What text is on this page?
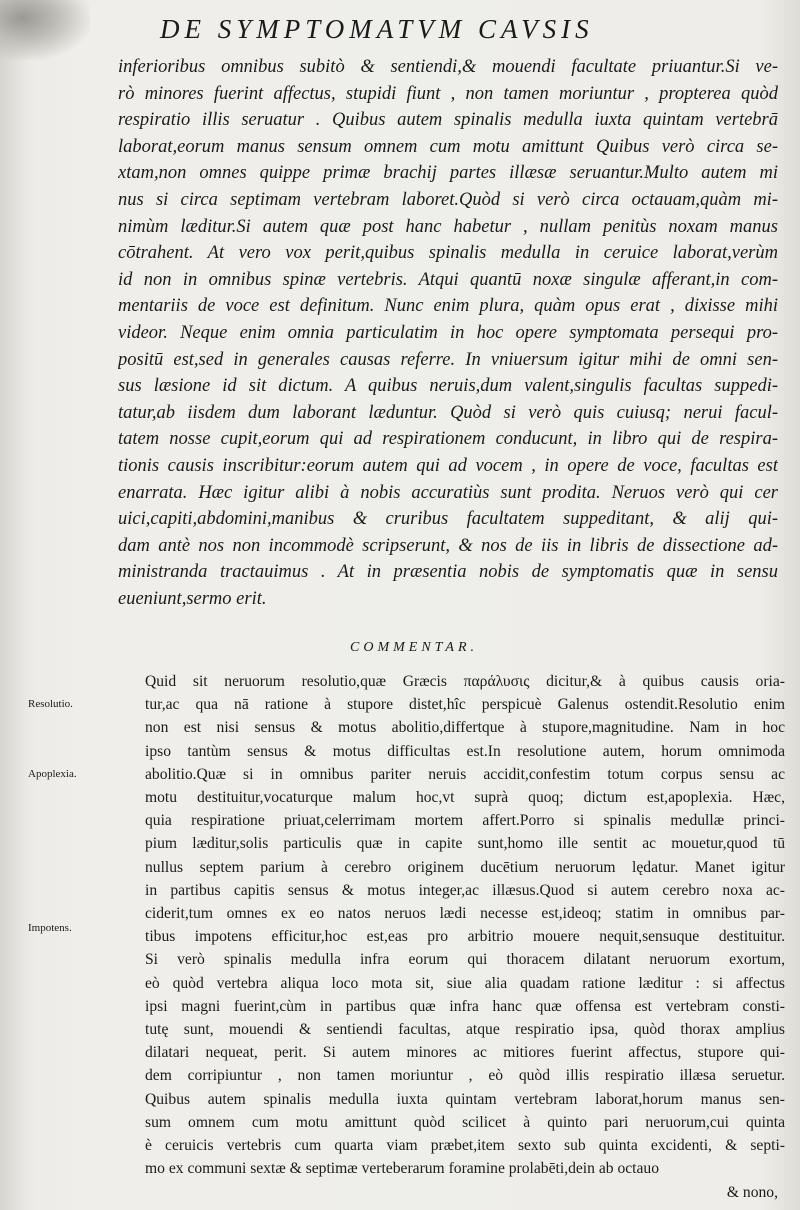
DE SYMPTOMATVM CAVSIS
inferioribus omnibus subitò & sentiendi,& mouendi facultate priuantur.Si ve-
rò minores fuerint affectus, stupidi fiunt , non tamen moriuntur , propterea quòd
respiratio illis seruatur . Quibus autem spinalis medulla iuxta quintam vertebrā
laborat,eorum manus sensum omnem cum motu amittunt Quibus verò circa se-
xtam,non omnes quippe primæ brachij partes illæsæ seruantur.Multo autem mi
nus si circa septimam vertebram laboret.Quòd si verò circa octauam,quàm mi-
nimùm læditur.Si autem quæ post hanc habetur , nullam penitùs noxam manus
cōtrahent. At vero vox perit,quibus spinalis medulla in ceruice laborat,verùm
id non in omnibus spinæ vertebris. Atqui quantū noxæ singulæ afferant,in com-
mentariis de voce est definitum. Nunc enim plura, quàm opus erat , dixisse mihi
videor. Neque enim omnia particulatim in hoc opere symptomata persequi pro-
positū est,sed in generales causas referre. In vniuersum igitur mihi de omni sen-
sus læsione id sit dictum. A quibus neruis,dum valent,singulis facultas suppedi-
tatur,ab iisdem dum laborant læduntur. Quòd si verò quis cuiusq; nerui facul-
tatem nosse cupit,eorum qui ad respirationem conducunt, in libro qui de respira-
tionis causis inscribitur:eorum autem qui ad vocem , in opere de voce, facultas est
enarrata. Hæc igitur alibi à nobis accuratiùs sunt prodita. Neruos verò qui cer
uici,capiti,abdomini,manibus & cruribus facultatem suppeditant, & alij qui-
dam antè nos non incommodè scripserunt, & nos de iis in libris de dissectione ad-
ministranda tractauimus . At in præsentia nobis de symptomatis quæ in sensu
eueniunt,sermo erit.
COMMENTAR.
Quid sit neruorum resolutio,quæ Græcis παράλυσις dicitur,& à quibus causis oria-
tur,ac qua nā ratione à stupore distet,hîc perspicuè Galenus ostendit.Resolutio enim
non est nisi sensus & motus abolitio,differtque à stupore,magnitudine. Nam in hoc
ipso tantùm sensus & motus difficultas est.In resolutione autem, horum omnimoda
abolitio.Quæ si in omnibus pariter neruis accidit,confestim totum corpus sensu ac
motu destituitur,vocaturque malum hoc,vt suprà quoq; dictum est,apoplexia. Hæc,
quia respiratione priuat,celerrimam mortem affert.Porro si spinalis medullæ princi-
pium læditur,solis particulis quæ in capite sunt,homo ille sentit ac mouetur,quod tū
nullus septem parium à cerebro originem ducētium neruorum lędatur. Manet igitur
in partibus capitis sensus & motus integer,ac illæsus.Quod si autem cerebro noxa ac-
ciderit,tum omnes ex eo natos neruos lædi necesse est,ideoq; statim in omnibus par-
tibus impotens efficitur,hoc est,eas pro arbitrio mouere nequit,sensuque destituitur.
Si verò spinalis medulla infra eorum qui thoracem dilatant neruorum exortum,
eò quòd vertebra aliqua loco mota sit, siue alia quadam ratione læditur : si affectus
ipsi magni fuerint,cùm in partibus quæ infra hanc quæ offensa est vertebram consti-
tutę sunt, mouendi & sentiendi facultas, atque respiratio ipsa, quòd thorax amplius
dilatari nequeat, perit. Si autem minores ac mitiores fuerint affectus, stupore qui-
dem corripiuntur , non tamen moriuntur , eò quòd illis respiratio illæsa seruetur.
Quibus autem spinalis medulla iuxta quintam vertebram laborat,horum manus sen-
sum omnem cum motu amittunt quòd scilicet à quinto pari neruorum,cui quinta
è ceruicis vertebris cum quarta viam præbet,item sexto sub quinta excidenti, & septi-
mo ex communi sextæ & septimæ verteberarum foramine prolabēti,dein ab octauo
Resolutio.
Apoplexia.
Impotens.
& nono,
